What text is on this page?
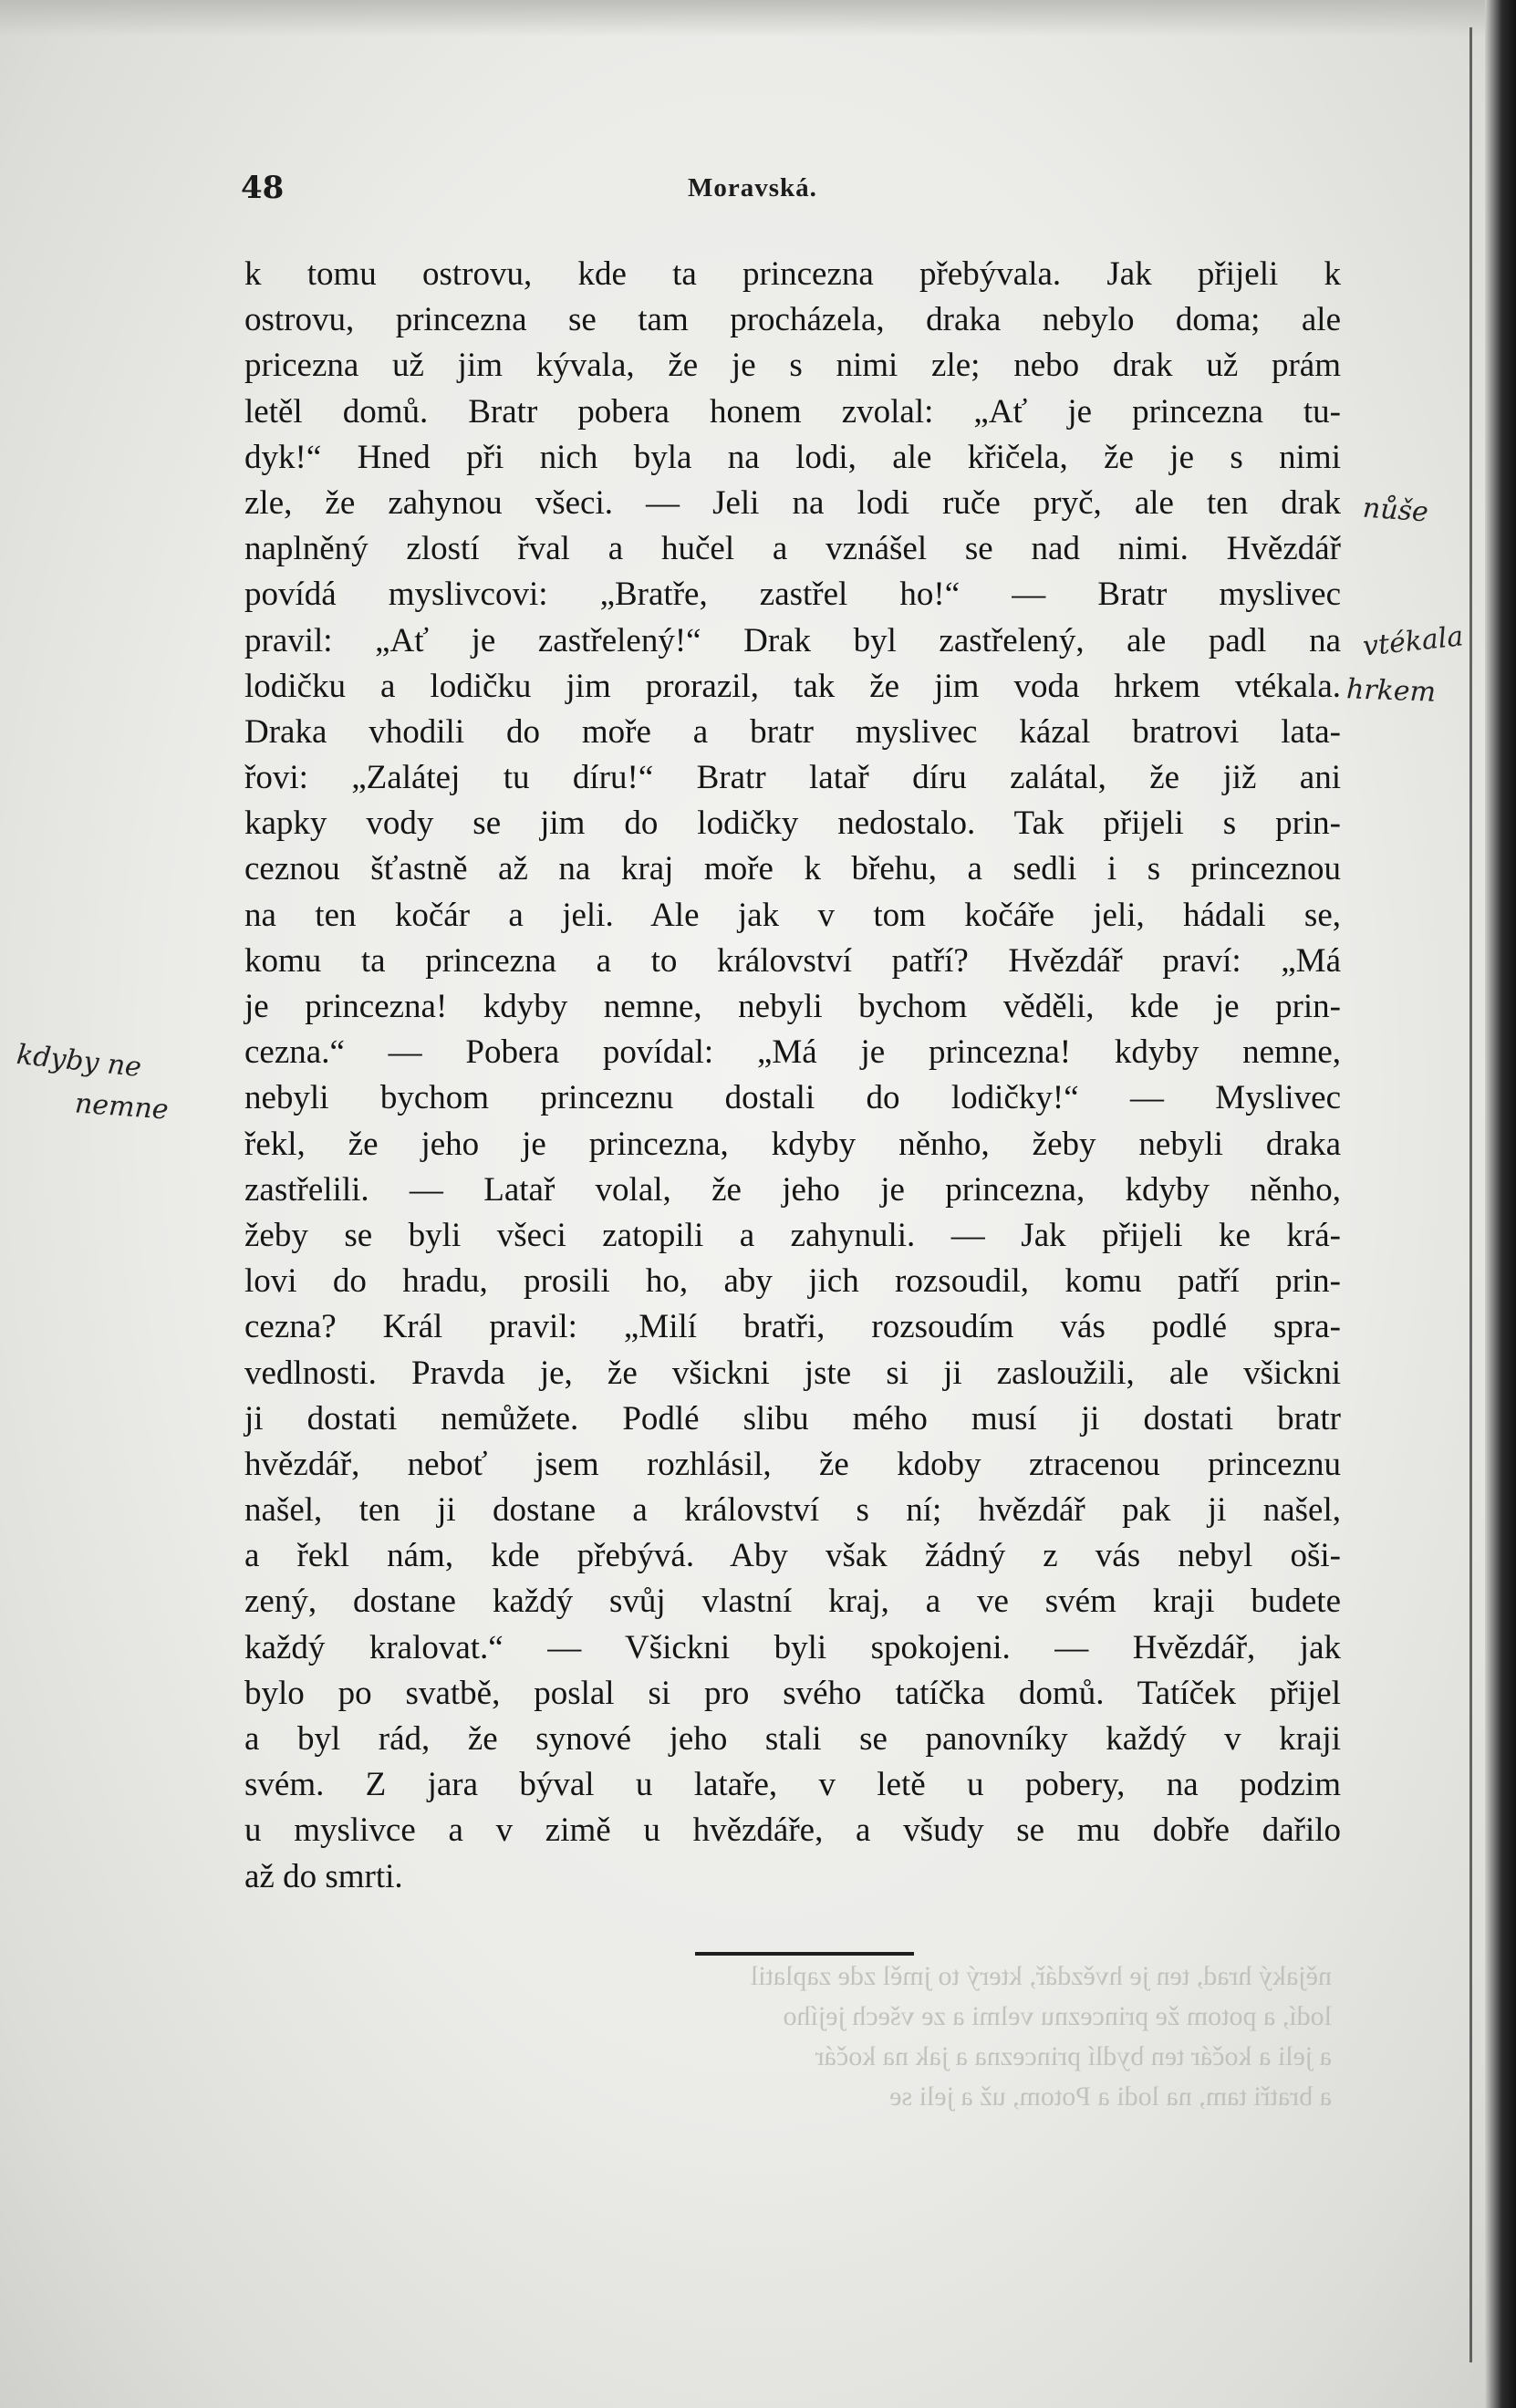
nějaký hrad, ten je hvězdář, který to jměl zde zaplatil
lodí, a potom že princeznu velmi a ze všech jejího
a jeli a kočár ten bydlí princezna a jak na kočár
a bratři tam, na lodi a Potom, už a jeli se
48	Moravská.
k tomu ostrovu, kde ta princezna přebývala. Jak přijeli k
ostrovu, princezna se tam procházela, draka nebylo doma; ale
pricezna už jim kývala, že je s nimi zle; nebo drak už prám
letěl domů. Bratr pobera honem zvolal: „Ať je princezna tu-
dyk!“ Hned při nich byla na lodi, ale křičela, že je s nimi
zle, že zahynou všeci. — Jeli na lodi ruče pryč, ale ten drak
naplněný zlostí řval a hučel a vznášel se nad nimi. Hvězdář
povídá myslivcovi: „Bratře, zastřel ho!“ — Bratr myslivec
pravil: „Ať je zastřelený!“ Drak byl zastřelený, ale padl na
lodičku a lodičku jim prorazil, tak že jim voda hrkem vtékala.
Draka vhodili do moře a bratr myslivec kázal bratrovi lata-
řovi: „Zalátej tu díru!“ Bratr latař díru zalátal, že již ani
kapky vody se jim do lodičky nedostalo. Tak přijeli s prin-
ceznou šťastně až na kraj moře k břehu, a sedli i s princeznou
na ten kočár a jeli. Ale jak v tom kočáře jeli, hádali se,
komu ta princezna a to království patří? Hvězdář praví: „Má
je princezna! kdyby nemne, nebyli bychom věděli, kde je prin-
cezna.“ — Pobera povídal: „Má je princezna! kdyby nemne,
nebyli bychom princeznu dostali do lodičky!“ — Myslivec
řekl, že jeho je princezna, kdyby něnho, žeby nebyli draka
zastřelili. — Latař volal, že jeho je princezna, kdyby něnho,
žeby se byli všeci zatopili a zahynuli. — Jak přijeli ke krá-
lovi do hradu, prosili ho, aby jich rozsoudil, komu patří prin-
cezna? Král pravil: „Milí bratři, rozsoudím vás podlé spra-
vedlnosti. Pravda je, že všickni jste si ji zasloužili, ale všickni
ji dostati nemůžete. Podlé slibu mého musí ji dostati bratr
hvězdář, neboť jsem rozhlásil, že kdoby ztracenou princeznu
našel, ten ji dostane a království s ní; hvězdář pak ji našel,
a řekl nám, kde přebývá. Aby však žádný z vás nebyl oši-
zený, dostane každý svůj vlastní kraj, a ve svém kraji budete
každý kralovat.“ — Všickni byli spokojeni. — Hvězdář, jak
bylo po svatbě, poslal si pro svého tatíčka domů. Tatíček přijel
a byl rád, že synové jeho stali se panovníky každý v kraji
svém. Z jara býval u lataře, v letě u pobery, na podzim
u myslivce a v zimě u hvězdáře, a všudy se mu dobře dařilo
až do smrti.
nůše
vtékala
hrkem
kdyby ne
nemne
